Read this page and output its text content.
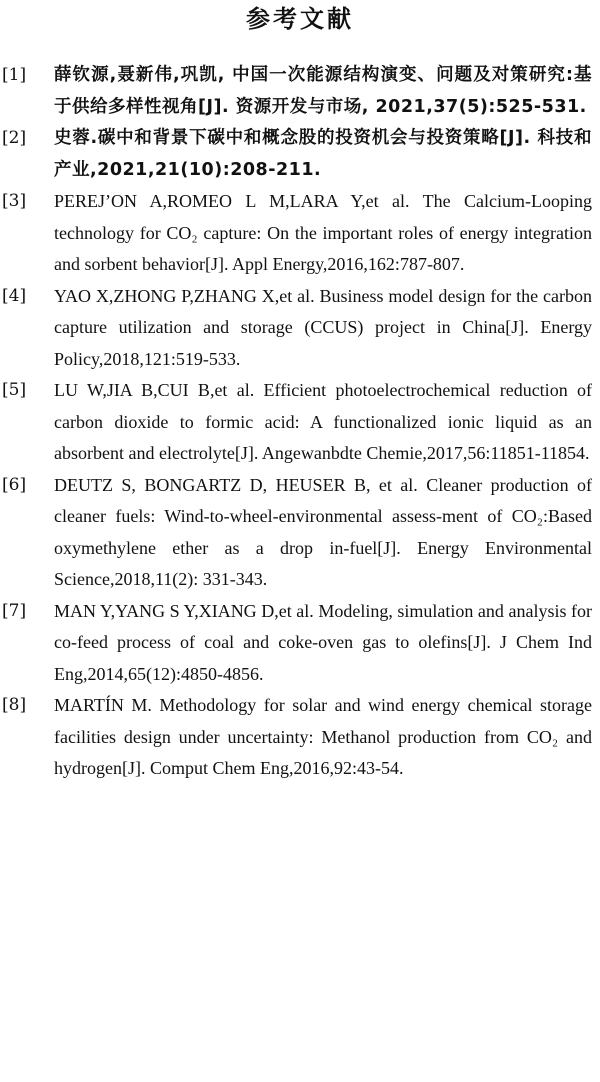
参考文献
[1]	薛钦源,聂新伟,巩凯, 中国一次能源结构演变、问题及对策研究:基于供给多样性视角[J]. 资源开发与市场, 2021,37(5):525-531.
[2]	史蓉.碳中和背景下碳中和概念股的投资机会与投资策略[J]. 科技和产业,2021,21(10):208-211.
[3]	PEREJ’ON A,ROMEO L M,LARA Y,et al. The Calcium-Looping technology for CO₂ capture: On the important roles of energy integration and sorbent behavior[J]. Appl Energy,2016,162:787-807.
[4]	YAO X,ZHONG P,ZHANG X,et al. Business model design for the carbon capture utilization and storage (CCUS) project in China[J]. Energy Policy,2018,121:519-533.
[5]	LU W,JIA B,CUI B,et al. Efficient photoelectrochemical reduction of carbon dioxide to formic acid: A functionalized ionic liquid as an absorbent and electrolyte[J]. Angewanbdte Chemie,2017,56:11851-11854.
[6]	DEUTZ S, BONGARTZ D, HEUSER B, et al. Cleaner production of cleaner fuels: Wind-to-wheel-environmental assess-ment of CO₂:Based oxymethylene ether as a drop in-fuel[J]. Energy Environmental Science,2018,11(2): 331-343.
[7]	MAN Y,YANG S Y,XIANG D,et al. Modeling, simulation and analysis for co-feed process of coal and coke-oven gas to olefins[J]. J Chem Ind Eng,2014,65(12):4850-4856.
[8]	MARTÍN M. Methodology for solar and wind energy chemical storage facilities design under uncertainty: Methanol production from CO₂ and hydrogen[J]. Comput Chem Eng,2016,92:43-54.
